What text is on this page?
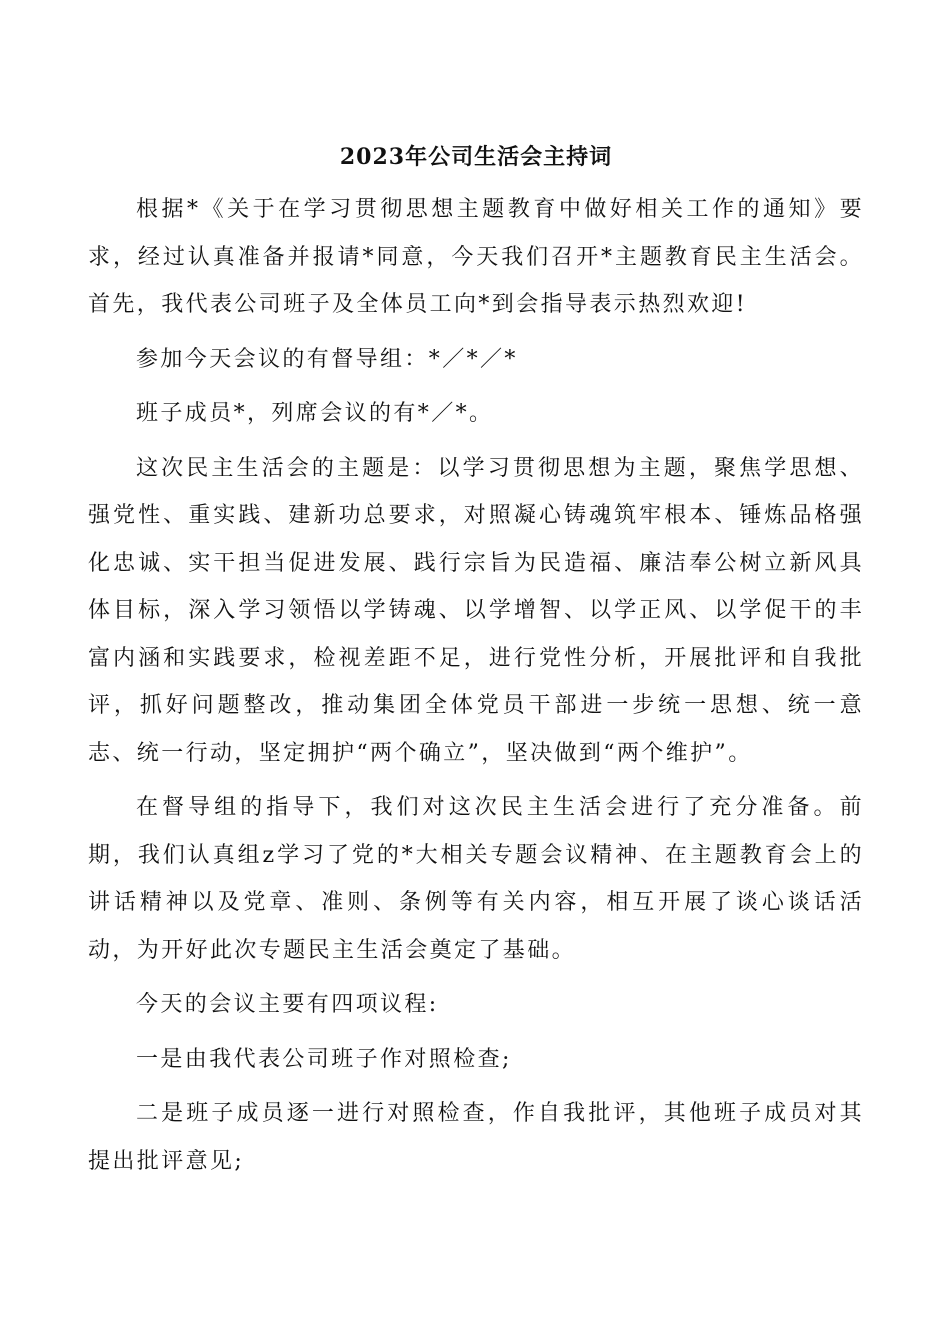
2023年公司生活会主持词

根据*《关于在学习贯彻思想主题教育中做好相关工作的通知》要求，经过认真准备并报请*同意，今天我们召开*主题教育民主生活会。首先，我代表公司班子及全体员工向*到会指导表示热烈欢迎!

参加今天会议的有督导组：*／*／*

班子成员*，列席会议的有*／*。

这次民主生活会的主题是：以学习贯彻思想为主题，聚焦学思想、强党性、重实践、建新功总要求，对照凝心铸魂筑牢根本、锤炼品格强化忠诚、实干担当促进发展、践行宗旨为民造福、廉洁奉公树立新风具体目标，深入学习领悟以学铸魂、以学增智、以学正风、以学促干的丰富内涵和实践要求，检视差距不足，进行党性分析，开展批评和自我批评，抓好问题整改，推动集团全体党员干部进一步统一思想、统一意志、统一行动，坚定拥护“两个确立”，坚决做到“两个维护”。

在督导组的指导下，我们对这次民主生活会进行了充分准备。前期，我们认真组z学习了党的*大相关专题会议精神、在主题教育会上的讲话精神以及党章、准则、条例等有关内容，相互开展了谈心谈话活动，为开好此次专题民主生活会奠定了基础。

今天的会议主要有四项议程:

一是由我代表公司班子作对照检查;

二是班子成员逐一进行对照检查，作自我批评，其他班子成员对其提出批评意见;
